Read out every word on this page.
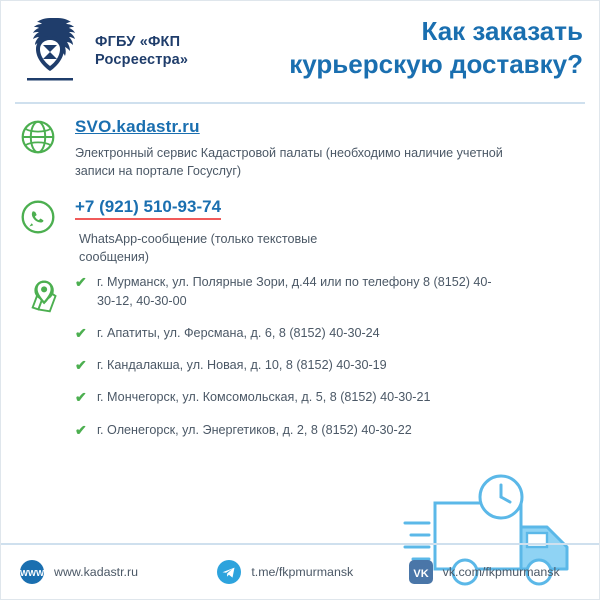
ФГБУ «ФКП
Росреестра»
Как заказать
курьерскую доставку?
SVO.kadastr.ru
Электронный сервис Кадастровой палаты (необходимо наличие учетной записи на портале Госуслуг)
+7 (921) 510-93-74
WhatsApp-сообщение (только текстовые сообщения)
✔ г. Мурманск, ул. Полярные Зори, д.44 или по телефону 8 (8152) 40-30-12, 40-30-00
✔ г. Апатиты, ул. Ферсмана, д. 6, 8 (8152) 40-30-24
✔ г. Кандалакша, ул. Новая, д. 10, 8 (8152) 40-30-19
✔ г. Мончегорск, ул. Комсомольская, д. 5, 8 (8152) 40-30-21
✔ г. Оленегорск, ул. Энергетиков, д. 2, 8 (8152) 40-30-22
WWW www.kadastr.ru	t.me/fkpmurmansk	VK vk.com/fkpmurmansk
